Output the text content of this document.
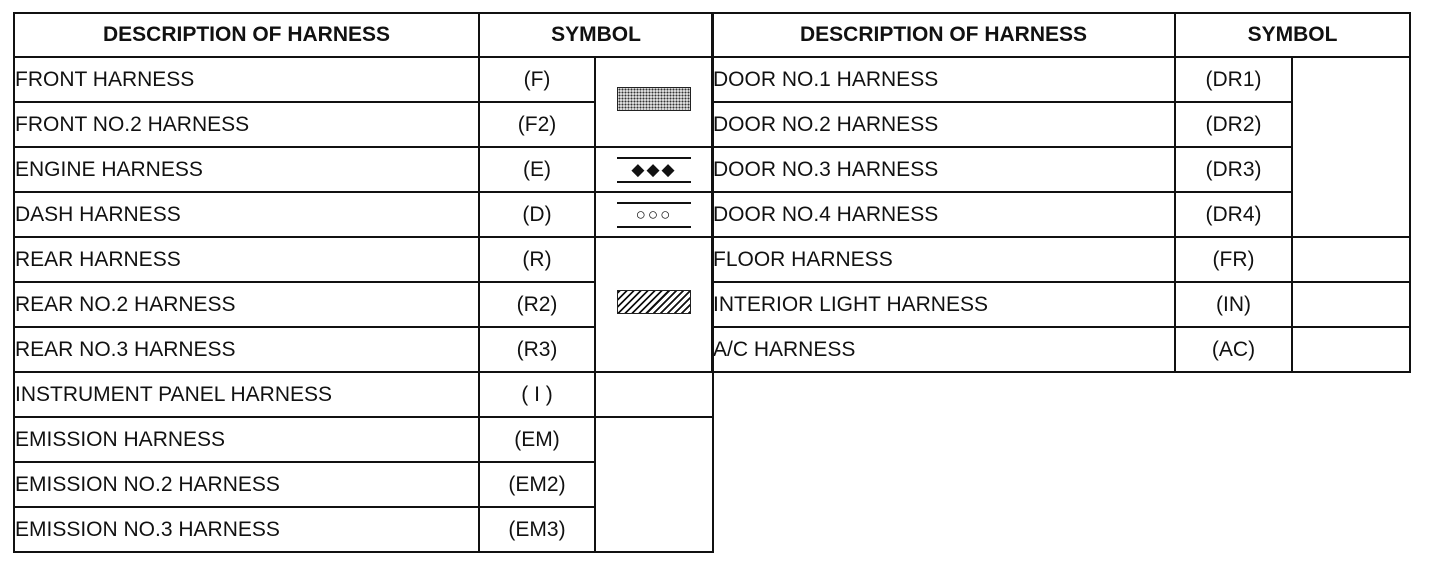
DESCRIPTION OF HARNESS	SYMBOL	
FRONT HARNESS	(F)	
FRONT NO.2 HARNESS	(F2)	
ENGINE HARNESS	(E)	◆◆◆
DASH HARNESS	(D)	○○○
REAR HARNESS	(R)	
REAR NO.2 HARNESS	(R2)	
REAR NO.3 HARNESS	(R3)	
INSTRUMENT PANEL HARNESS	( I )	
EMISSION HARNESS	(EM)	
EMISSION NO.2 HARNESS	(EM2)	
EMISSION NO.3 HARNESS	(EM3)	
DESCRIPTION OF HARNESS	SYMBOL	
DOOR NO.1 HARNESS	(DR1)	
DOOR NO.2 HARNESS	(DR2)	
DOOR NO.3 HARNESS	(DR3)	
DOOR NO.4 HARNESS	(DR4)	
FLOOR HARNESS	(FR)	
INTERIOR LIGHT HARNESS	(IN)	
A/C HARNESS	(AC)	
